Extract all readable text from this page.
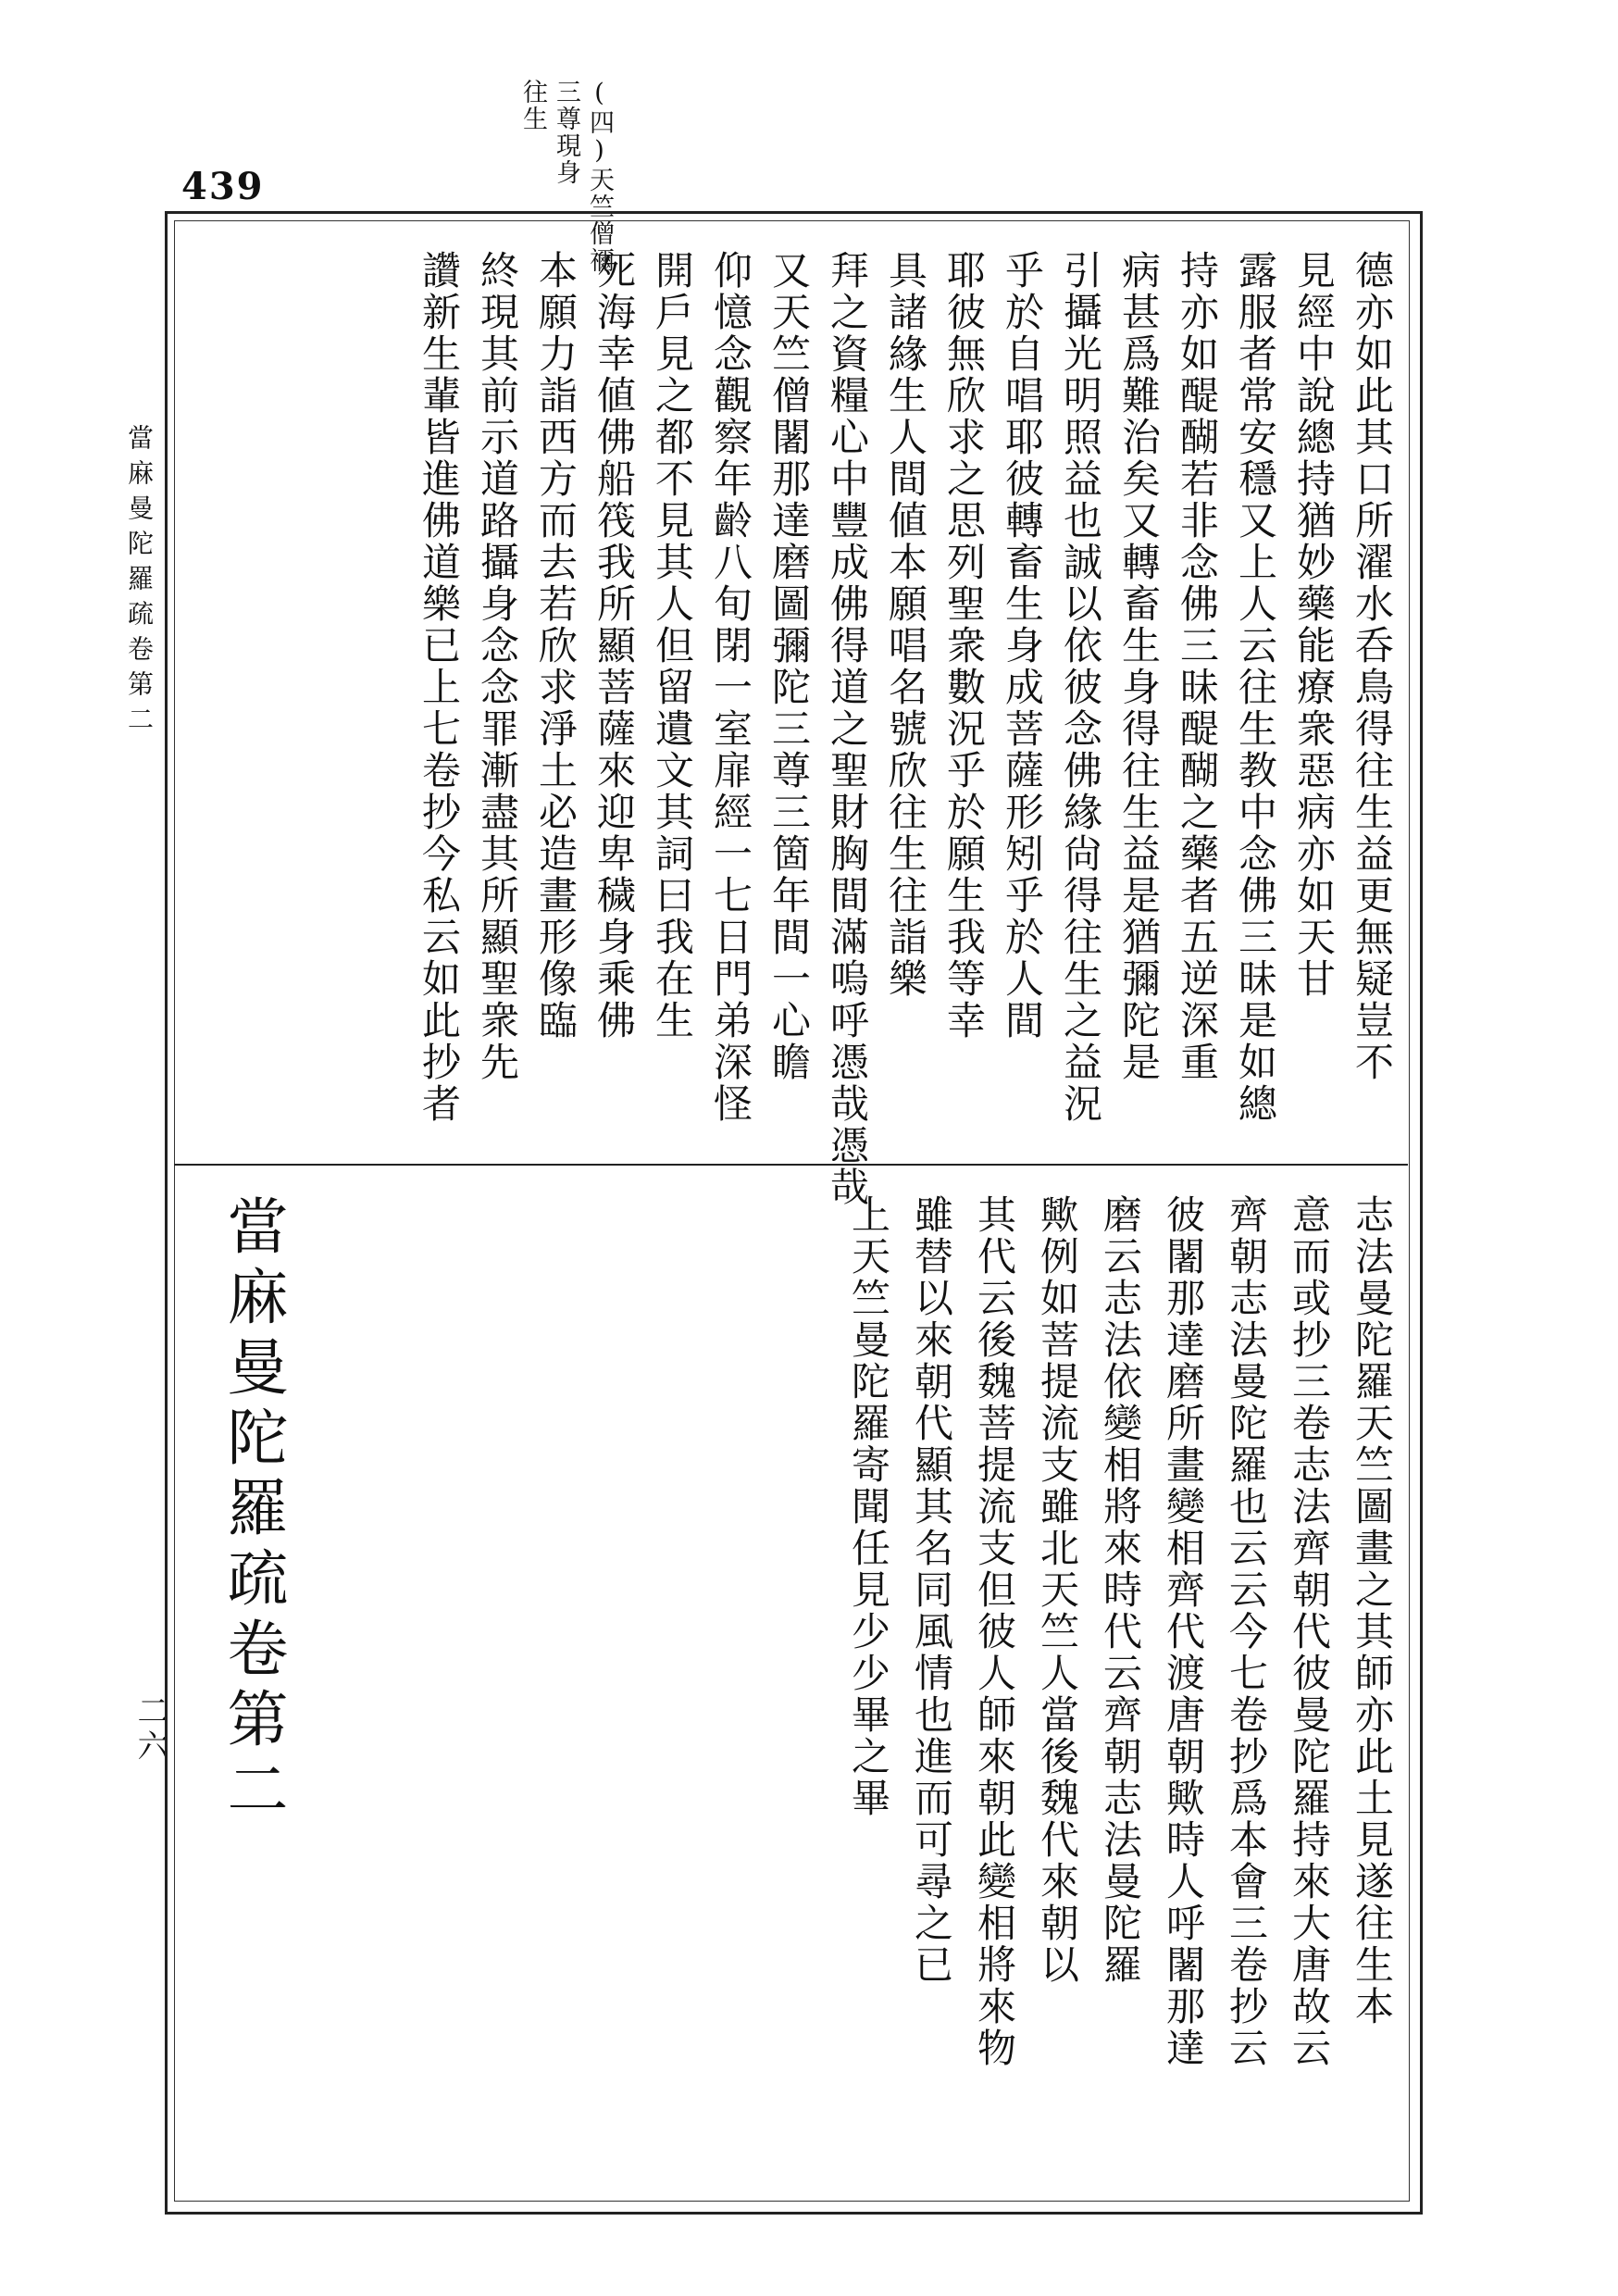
439	(四)天竺僧禰
三尊現身
往生
當麻曼陀羅疏卷第二
二六
德亦如此其口所濯水呑鳥得往生益更無疑豈不
見經中說總持猶妙藥能療衆惡病亦如天甘
露服者常安穩又上人云往生教中念佛三昧是如總
持亦如醍醐若非念佛三昧醍醐之藥者五逆深重
病甚爲難治矣又轉畜生身得往生益是猶彌陀是
引攝光明照益也誠以依彼念佛緣尙得往生之益況
乎於自唱耶彼轉畜生身成菩薩形矧乎於人間
耶彼無欣求之思列聖衆數況乎於願生我等幸
具諸緣生人間値本願唱名號欣往生往詣樂
拜之資糧心中豐成佛得道之聖財胸間滿嗚呼憑哉憑哉
又天竺僧闍那達磨圖彌陀三尊三箇年間一心瞻
仰憶念觀察年齡八旬閉一室扉經一七日門弟深怪
開戶見之都不見其人但留遺文其詞曰我在生
死海幸値佛船筏我所顯菩薩來迎卑穢身乘佛
本願力詣西方而去若欣求淨土必造畫形像臨
終現其前示道路攝身念念罪漸盡其所顯聖衆先
讚新生輩皆進佛道樂已上七卷抄今私云如此抄者
志法曼陀羅天竺圖畫之其師亦此土見遂往生本
意而或抄三卷志法齊朝代彼曼陀羅持來大唐故云
齊朝志法曼陀羅也云云今七卷抄爲本會三卷抄云
彼闍那達磨所畫變相齊代渡唐朝歟時人呼闍那達
磨云志法依變相將來時代云齊朝志法曼陀羅
歟例如菩提流支雖北天竺人當後魏代來朝以
其代云後魏菩提流支但彼人師來朝此變相將來物
雖替以來朝代顯其名同風情也進而可尋之已
上天竺曼陀羅寄聞任見少少畢之畢
當麻曼陀羅疏卷第二
